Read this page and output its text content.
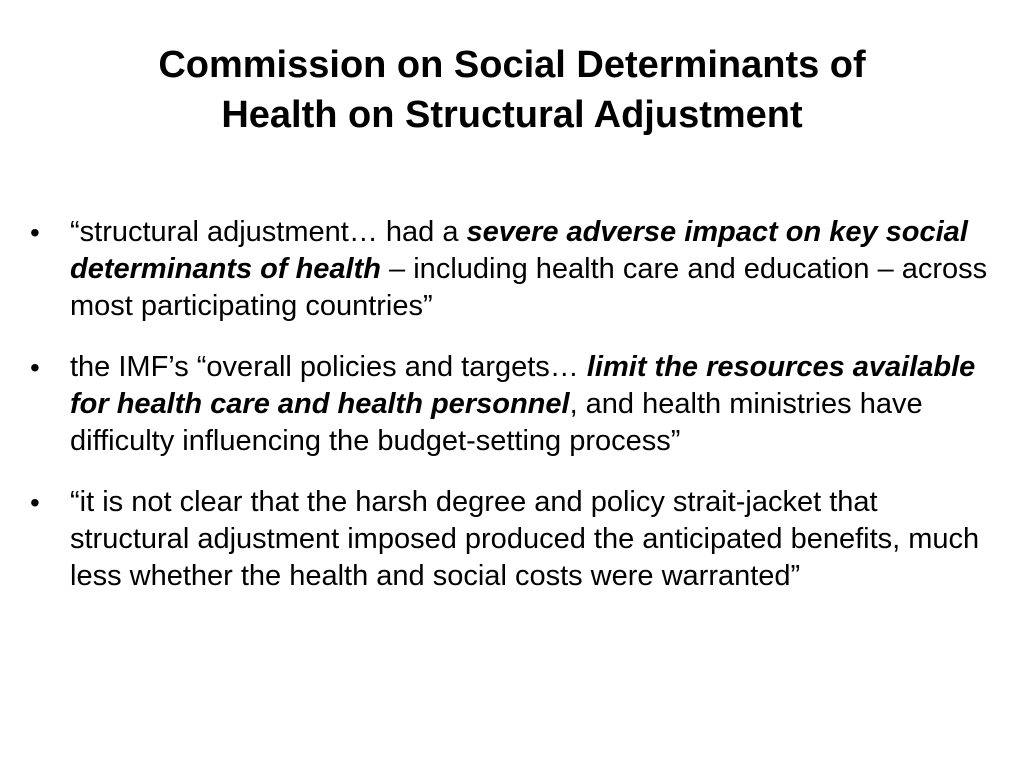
Commission on Social Determinants of
Health on Structural Adjustment
•	“structural adjustment… had a severe adverse impact on key social determinants of health – including health care and education – across most participating countries”
•	the IMF’s “overall policies and targets… limit the resources available for health care and health personnel, and health ministries have difficulty influencing the budget-setting process”
•	“it is not clear that the harsh degree and policy strait-jacket that structural adjustment imposed produced the anticipated benefits, much less whether the health and social costs were warranted”
